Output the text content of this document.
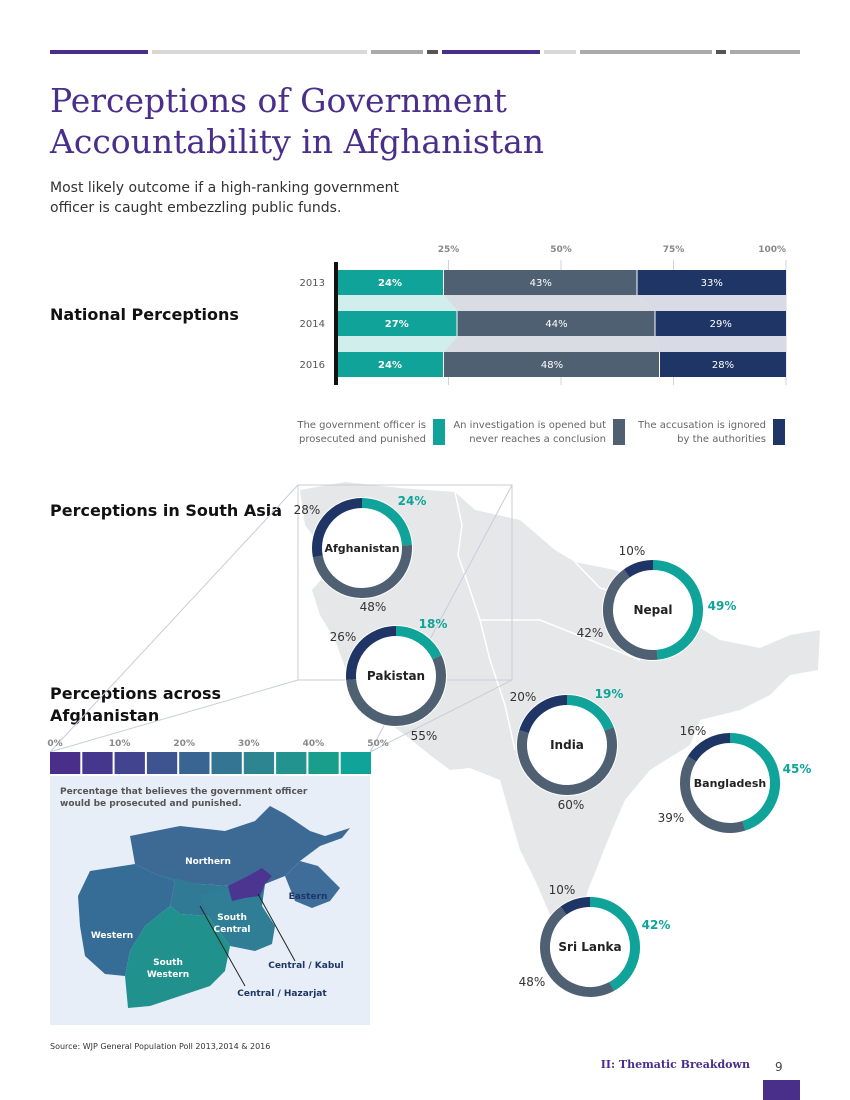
Perceptions of Government
Accountability in Afghanistan
Most likely outcome if a high-ranking government
officer is caught embezzling public funds.
National Perceptions
Perceptions in South Asia
Perceptions across
Afghanistan
24%	43%	33%
27%	44%	29%
24%	48%	28%
2013
2014
2016
25%	50%	75%	100%
The government officer is
prosecuted and punished
An investigation is opened but
never reaches a conclusion
The accusation is ignored
by the authorities
Afghanistan
24%
48%
28%
Pakistan
18%
55%
26%
Nepal	49%
42%
10%
India
19%
60%
20%
Bangladesh
45%
39%
16%
Sri Lanka
42%
48%
10%
0%	10%	20%	30%	40%	50%
Percentage that believes the government officer
would be prosecuted and punished.
Northern
Eastern
Western
South
Central
South
Western
Central / Kabul
Central / Hazarjat
Source: WJP General Population Poll 2013,2014 & 2016
II: Thematic Breakdown 9
